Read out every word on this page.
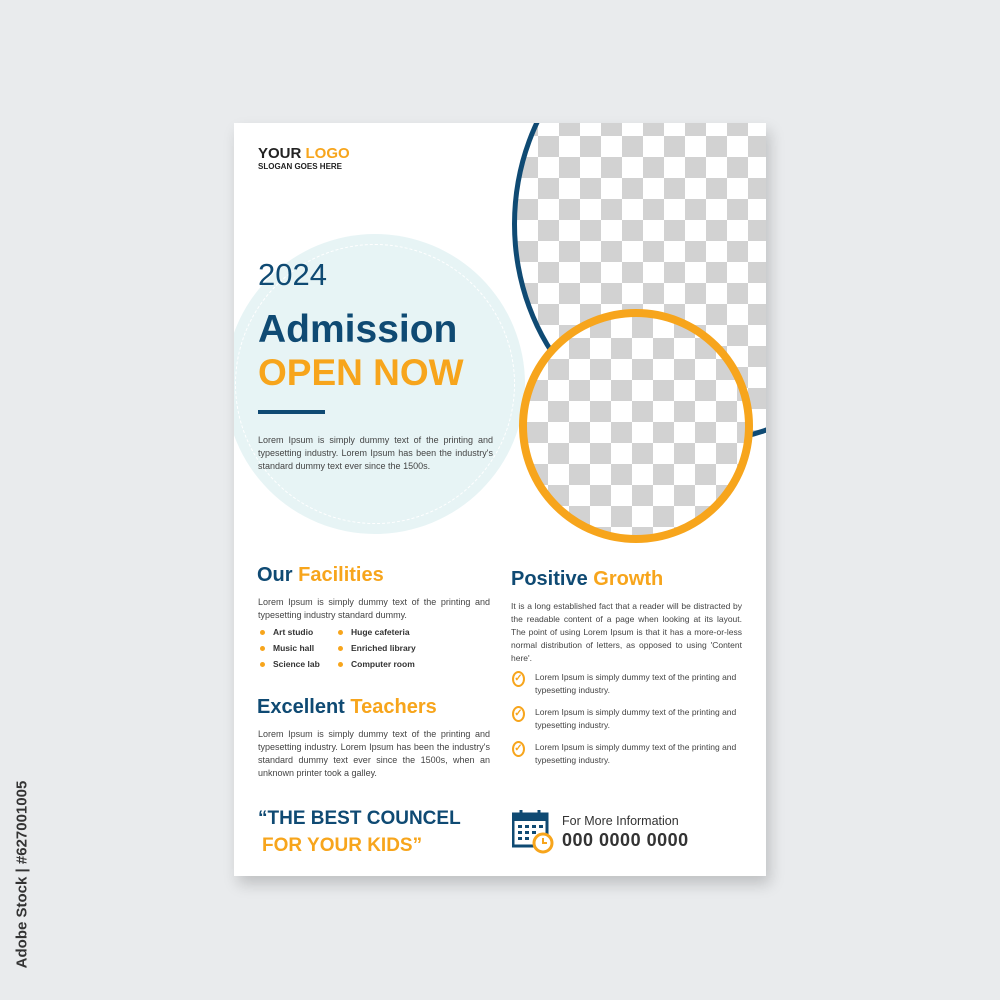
Adobe Stock | #627001005
YOUR LOGO
SLOGAN GOES HERE
2024
Admission
OPEN NOW
Lorem Ipsum is simply dummy text of the printing and typesetting industry. Lorem Ipsum has been the industry's standard dummy text ever since the 1500s.
Our Facilities
Lorem Ipsum is simply dummy text of the printing and typesetting industry standard dummy.
Art studio	Huge cafeteria
Music hall	Enriched library
Science lab	Computer room
Excellent Teachers
Lorem Ipsum is simply dummy text of the printing and typesetting industry. Lorem Ipsum has been the industry's standard dummy text ever since the 1500s, when an unknown printer took a galley.
“THE BEST COUNCEL
FOR YOUR KIDS”
Positive Growth
It is a long established fact that a reader will be distracted by the readable content of a page when looking at its layout. The point of using Lorem Ipsum is that it has a more-or-less normal distribution of letters, as opposed to using 'Content here'.
✓ Lorem Ipsum is simply dummy text of the printing and typesetting industry.
✓ Lorem Ipsum is simply dummy text of the printing and typesetting industry.
✓ Lorem Ipsum is simply dummy text of the printing and typesetting industry.
For More Information
000 0000 0000
